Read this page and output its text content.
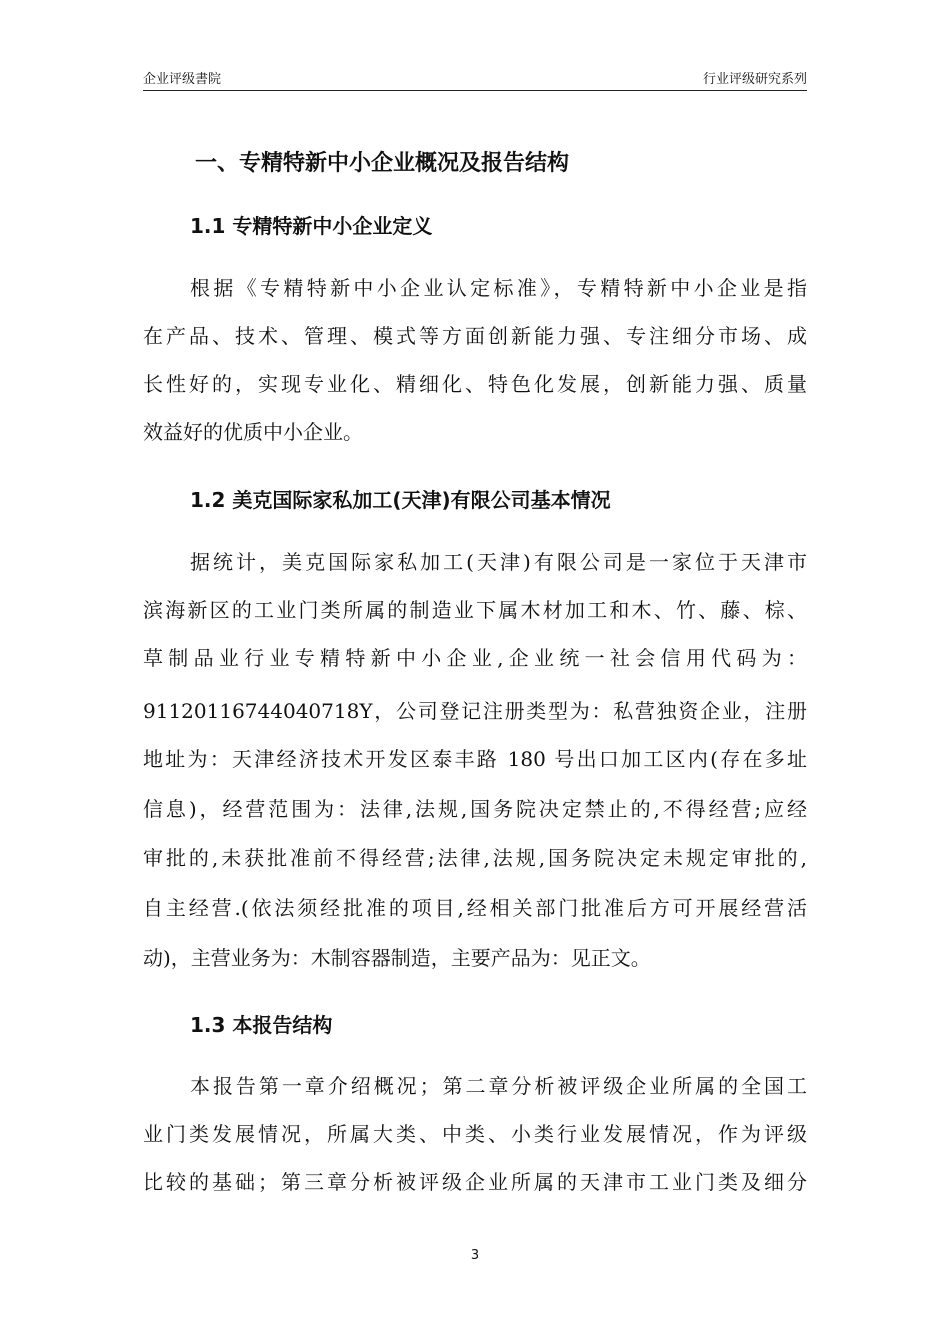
企业评级書院	行业评级研究系列
一、专精特新中小企业概况及报告结构
1.1 专精特新中小企业定义
根据《专精特新中小企业认定标准》，专精特新中小企业是指
在产品、技术、管理、模式等方面创新能力强、专注细分市场、成
长性好的，实现专业化、精细化、特色化发展，创新能力强、质量
效益好的优质中小企业。
1.2 美克国际家私加工(天津)有限公司基本情况
据统计，美克国际家私加工(天津)有限公司是一家位于天津市
滨海新区的工业门类所属的制造业下属木材加工和木、竹、藤、棕、
草制品业行业专精特新中小企业,企业统一社会信用代码为：
91120116744040718Y，公司登记注册类型为：私营独资企业，注册
地址为：天津经济技术开发区泰丰路 180 号出口加工区内(存在多址
信息)，经营范围为：法律,法规,国务院决定禁止的,不得经营;应经
审批的,未获批准前不得经营;法律,法规,国务院决定未规定审批的,
自主经营.(依法须经批准的项目,经相关部门批准后方可开展经营活
动)，主营业务为：木制容器制造，主要产品为：见正文。
1.3 本报告结构
本报告第一章介绍概况；第二章分析被评级企业所属的全国工
业门类发展情况，所属大类、中类、小类行业发展情况，作为评级
比较的基础；第三章分析被评级企业所属的天津市工业门类及细分
3
